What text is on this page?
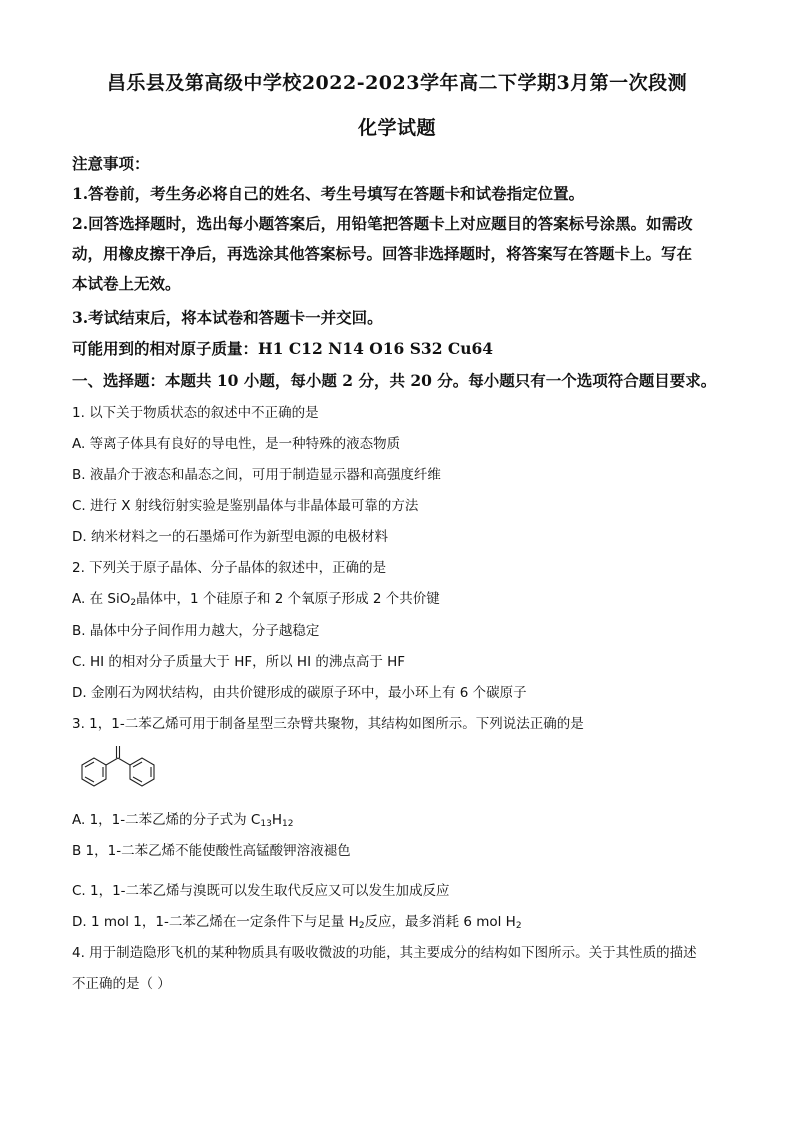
昌乐县及第高级中学校2022-2023学年高二下学期3月第一次段测
化学试题
注意事项：
1.答卷前，考生务必将自己的姓名、考生号填写在答题卡和试卷指定位置。
2.回答选择题时，选出每小题答案后，用铅笔把答题卡上对应题目的答案标号涂黑。如需改
动，用橡皮擦干净后，再选涂其他答案标号。回答非选择题时，将答案写在答题卡上。写在
本试卷上无效。
3.考试结束后，将本试卷和答题卡一并交回。
可能用到的相对原子质量：H1 C12 N14 O16 S32 Cu64
一、选择题：本题共 10 小题，每小题 2 分，共 20 分。每小题只有一个选项符合题目要求。
1. 以下关于物质状态的叙述中不正确的是
A. 等离子体具有良好的导电性，是一种特殊的液态物质
B. 液晶介于液态和晶态之间，可用于制造显示器和高强度纤维
C. 进行 X 射线衍射实验是鉴别晶体与非晶体最可靠的方法
D. 纳米材料之一的石墨烯可作为新型电源的电极材料
2. 下列关于原子晶体、分子晶体的叙述中，正确的是
A. 在 SiO$_2$晶体中，1 个硅原子和 2 个氧原子形成 2 个共价键
B. 晶体中分子间作用力越大，分子越稳定
C. HI 的相对分子质量大于 HF，所以 HI 的沸点高于 HF
D. 金刚石为网状结构，由共价键形成的碳原子环中，最小环上有 6 个碳原子
3. 1，1-二苯乙烯可用于制备星型三杂臂共聚物，其结构如图所示。下列说法正确的是
A. 1，1-二苯乙烯的分子式为 $C_{13}H_{12}$
B 1，1-二苯乙烯不能使酸性高锰酸钾溶液褪色
C. 1，1-二苯乙烯与溴既可以发生取代反应又可以发生加成反应
D. 1 mol 1，1-二苯乙烯在一定条件下与足量 $H_2$反应，最多消耗 6 mol $H_2$
4. 用于制造隐形飞机的某种物质具有吸收微波的功能，其主要成分的结构如下图所示。关于其性质的描述
不正确的是（ ）
